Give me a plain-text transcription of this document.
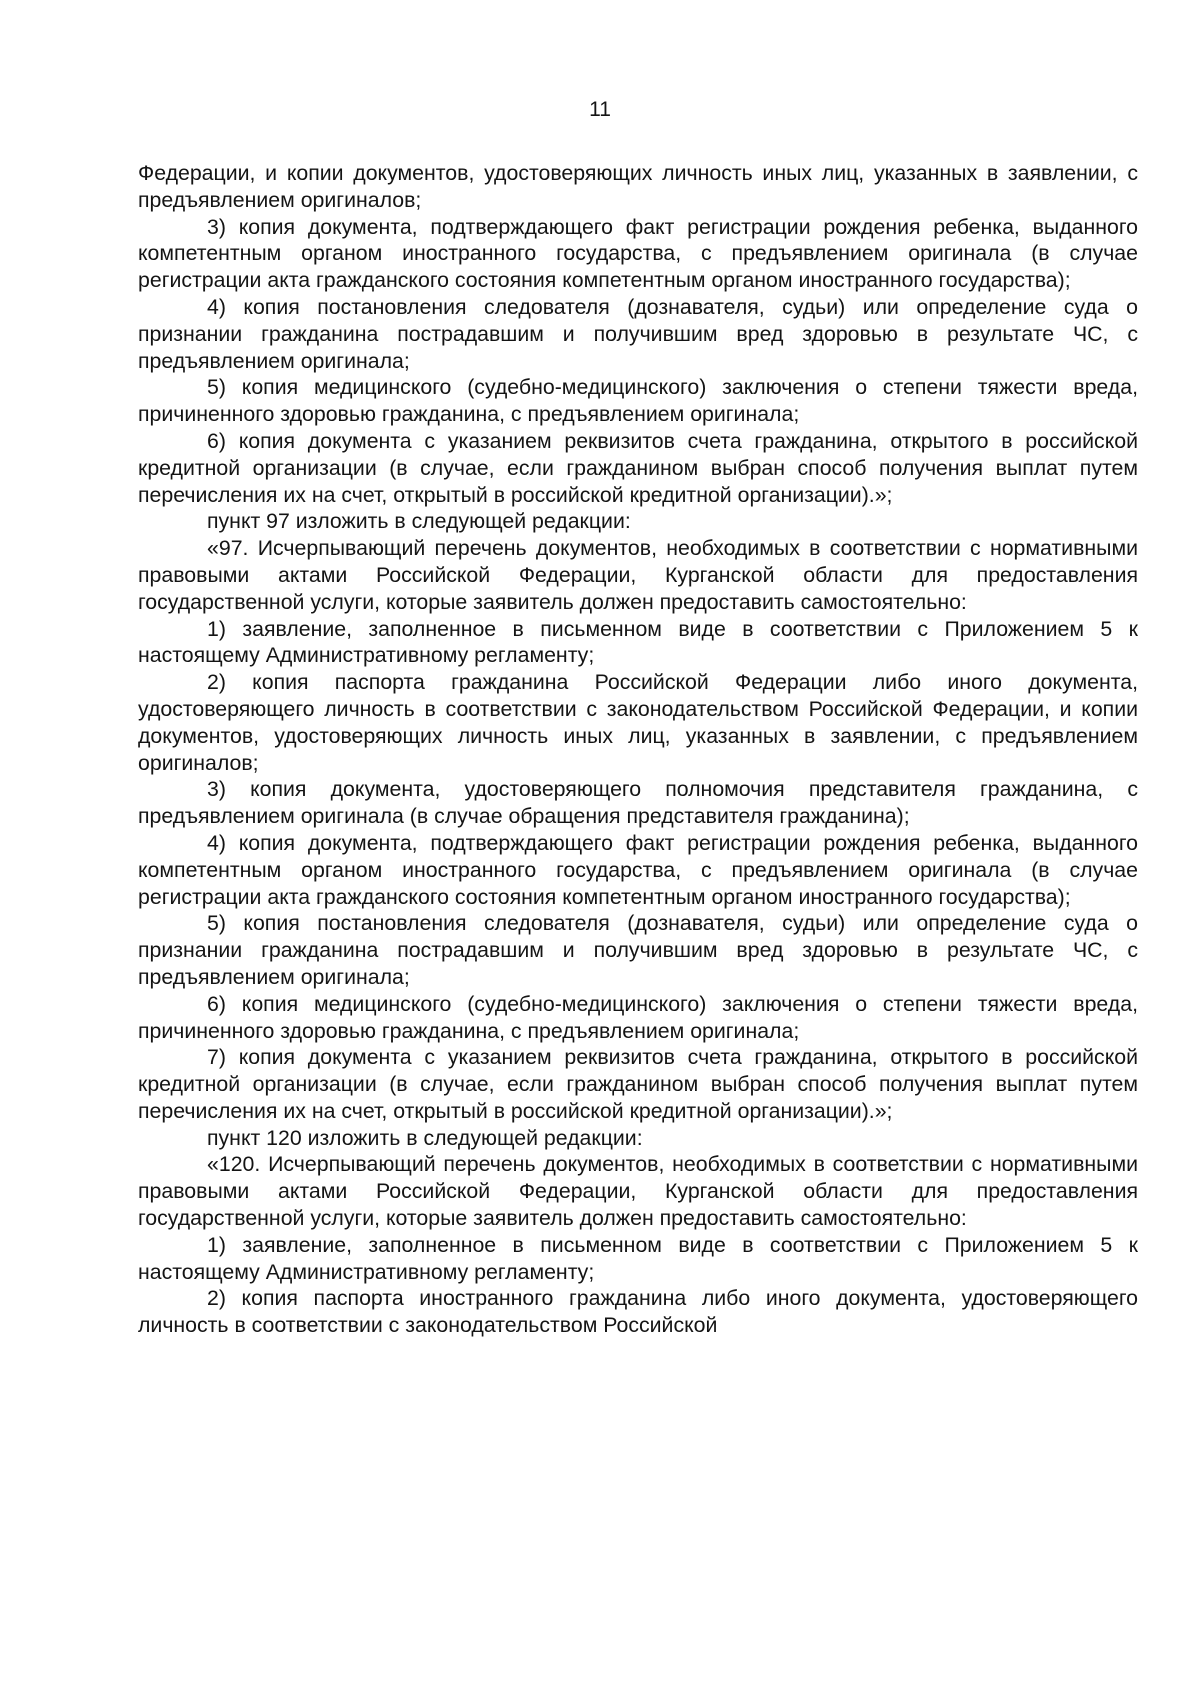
11

Федерации, и копии документов, удостоверяющих личность иных лиц, указанных в заявлении, с предъявлением оригиналов;

3) копия документа, подтверждающего факт регистрации рождения ребенка, выданного компетентным органом иностранного государства, с предъявлением оригинала (в случае регистрации акта гражданского состояния компетентным органом иностранного государства);

4) копия постановления следователя (дознавателя, судьи) или определение суда о признании гражданина пострадавшим и получившим вред здоровью в результате ЧС, с предъявлением оригинала;

5) копия медицинского (судебно-медицинского) заключения о степени тяжести вреда, причиненного здоровью гражданина, с предъявлением оригинала;

6) копия документа с указанием реквизитов счета гражданина, открытого в российской кредитной организации (в случае, если гражданином выбран способ получения выплат путем перечисления их на счет, открытый в российской кредитной организации).»;

пункт 97 изложить в следующей редакции:

«97. Исчерпывающий перечень документов, необходимых в соответствии с нормативными правовыми актами Российской Федерации, Курганской области для предоставления государственной услуги, которые заявитель должен предоставить самостоятельно:

1) заявление, заполненное в письменном виде в соответствии с Приложением 5 к настоящему Административному регламенту;

2) копия паспорта гражданина Российской Федерации либо иного документа, удостоверяющего личность в соответствии с законодательством Российской Федерации, и копии документов, удостоверяющих личность иных лиц, указанных в заявлении, с предъявлением оригиналов;

3) копия документа, удостоверяющего полномочия представителя гражданина, с предъявлением оригинала (в случае обращения представителя гражданина);

4) копия документа, подтверждающего факт регистрации рождения ребенка, выданного компетентным органом иностранного государства, с предъявлением оригинала (в случае регистрации акта гражданского состояния компетентным органом иностранного государства);

5) копия постановления следователя (дознавателя, судьи) или определение суда о признании гражданина пострадавшим и получившим вред здоровью в результате ЧС, с предъявлением оригинала;

6) копия медицинского (судебно-медицинского) заключения о степени тяжести вреда, причиненного здоровью гражданина, с предъявлением оригинала;

7) копия документа с указанием реквизитов счета гражданина, открытого в российской кредитной организации (в случае, если гражданином выбран способ получения выплат путем перечисления их на счет, открытый в российской кредитной организации).»;

пункт 120 изложить в следующей редакции:

«120. Исчерпывающий перечень документов, необходимых в соответствии с нормативными правовыми актами Российской Федерации, Курганской области для предоставления государственной услуги, которые заявитель должен предоставить самостоятельно:

1) заявление, заполненное в письменном виде в соответствии с Приложением 5 к настоящему Административному регламенту;

2) копия паспорта иностранного гражданина либо иного документа, удостоверяющего личность в соответствии с законодательством Российской
